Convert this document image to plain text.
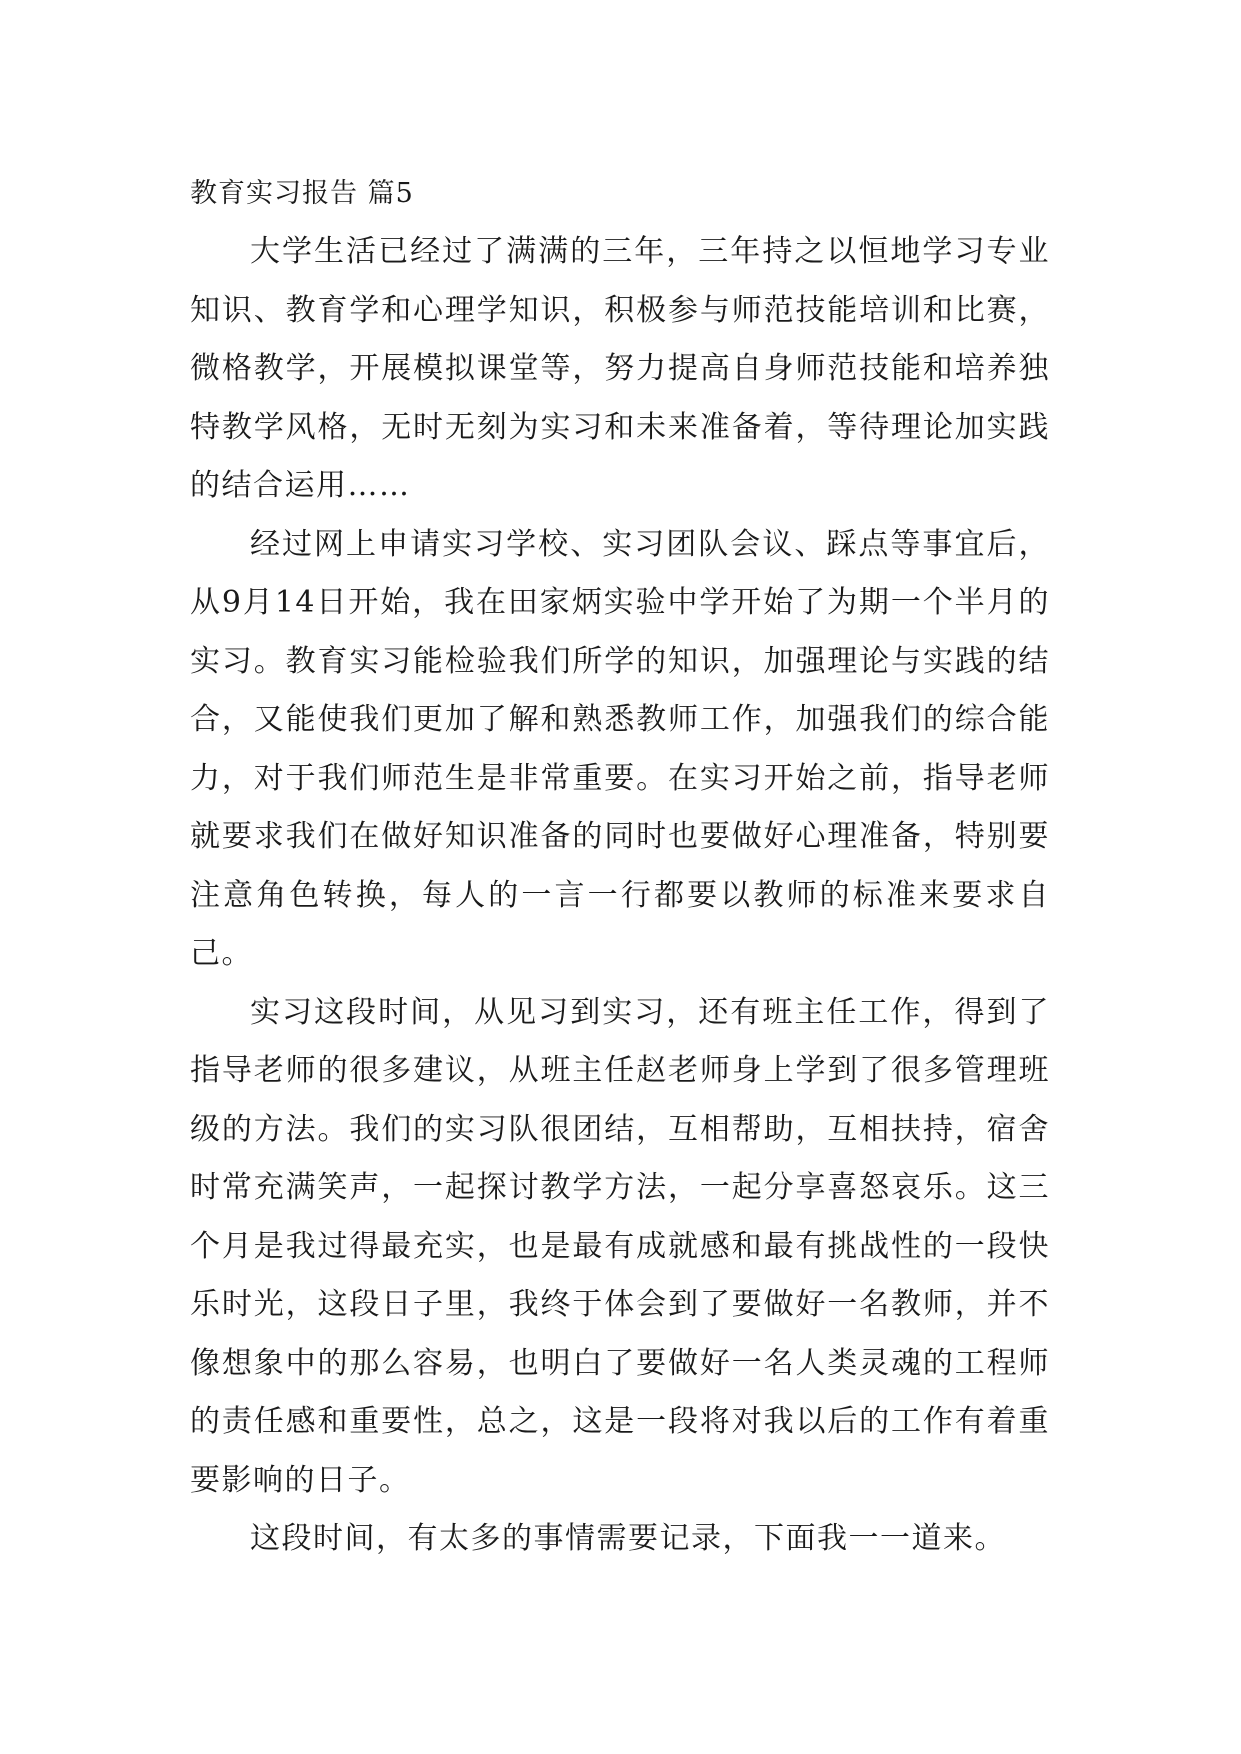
教育实习报告 篇5

大学生活已经过了满满的三年，三年持之以恒地学习专业知识、教育学和心理学知识，积极参与师范技能培训和比赛，微格教学，开展模拟课堂等，努力提高自身师范技能和培养独特教学风格，无时无刻为实习和未来准备着，等待理论加实践的结合运用……

经过网上申请实习学校、实习团队会议、踩点等事宜后，从9月14日开始，我在田家炳实验中学开始了为期一个半月的实习。教育实习能检验我们所学的知识，加强理论与实践的结合，又能使我们更加了解和熟悉教师工作，加强我们的综合能力，对于我们师范生是非常重要。在实习开始之前，指导老师就要求我们在做好知识准备的同时也要做好心理准备，特别要注意角色转换，每人的一言一行都要以教师的标准来要求自己。

实习这段时间，从见习到实习，还有班主任工作，得到了指导老师的很多建议，从班主任赵老师身上学到了很多管理班级的方法。我们的实习队很团结，互相帮助，互相扶持，宿舍时常充满笑声，一起探讨教学方法，一起分享喜怒哀乐。这三个月是我过得最充实，也是最有成就感和最有挑战性的一段快乐时光，这段日子里，我终于体会到了要做好一名教师，并不像想象中的那么容易，也明白了要做好一名人类灵魂的工程师的责任感和重要性，总之，这是一段将对我以后的工作有着重要影响的日子。

这段时间，有太多的事情需要记录，下面我一一道来。
